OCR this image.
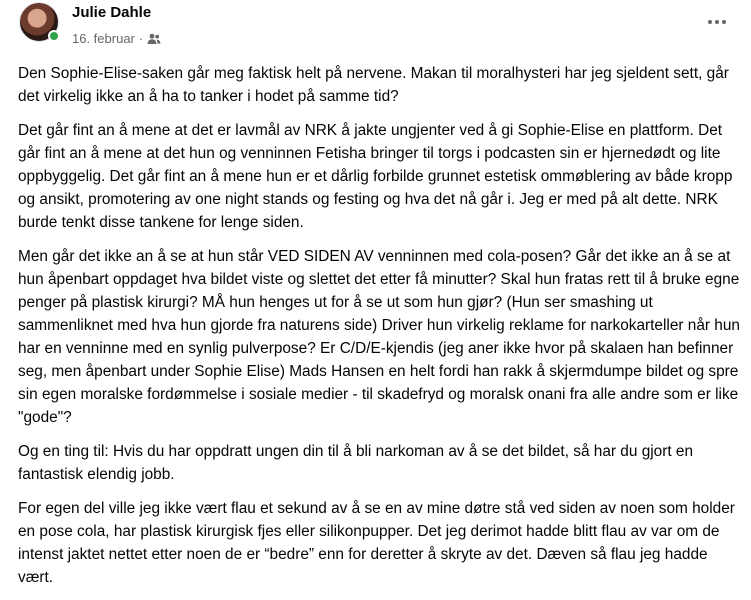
Julie Dahle
16. februar ·

Den Sophie-Elise-saken går meg faktisk helt på nervene. Makan til moralhysteri har jeg sjeldent sett, går det virkelig ikke an å ha to tanker i hodet på samme tid?

Det går fint an å mene at det er lavmål av NRK å jakte ungjenter ved å gi Sophie-Elise en plattform. Det går fint an å mene at det hun og venninnen Fetisha bringer til torgs i podcasten sin er hjernedødt og lite oppbyggelig. Det går fint an å mene hun er et dårlig forbilde grunnet estetisk ommøblering av både kropp og ansikt, promotering av one night stands og festing og hva det nå går i. Jeg er med på alt dette. NRK burde tenkt disse tankene for lenge siden.

Men går det ikke an å se at hun står VED SIDEN AV venninnen med cola-posen? Går det ikke an å se at hun åpenbart oppdaget hva bildet viste og slettet det etter få minutter? Skal hun fratas rett til å bruke egne penger på plastisk kirurgi? MÅ hun henges ut for å se ut som hun gjør? (Hun ser smashing ut sammenliknet med hva hun gjorde fra naturens side) Driver hun virkelig reklame for narkokarteller når hun har en venninne med en synlig pulverpose? Er C/D/E-kjendis (jeg aner ikke hvor på skalaen han befinner seg, men åpenbart under Sophie Elise) Mads Hansen en helt fordi han rakk å skjermdumpe bildet og spre sin egen moralske fordømmelse i sosiale medier - til skadefryd og moralsk onani fra alle andre som er like "gode"?

Og en ting til: Hvis du har oppdratt ungen din til å bli narkoman av å se det bildet, så har du gjort en fantastisk elendig jobb.

For egen del ville jeg ikke vært flau et sekund av å se en av mine døtre stå ved siden av noen som holder en pose cola, har plastisk kirurgisk fjes eller silikonpupper. Det jeg derimot hadde blitt flau av var om de intenst jaktet nettet etter noen de er “bedre” enn for deretter å skryte av det. Dæven så flau jeg hadde vært.
